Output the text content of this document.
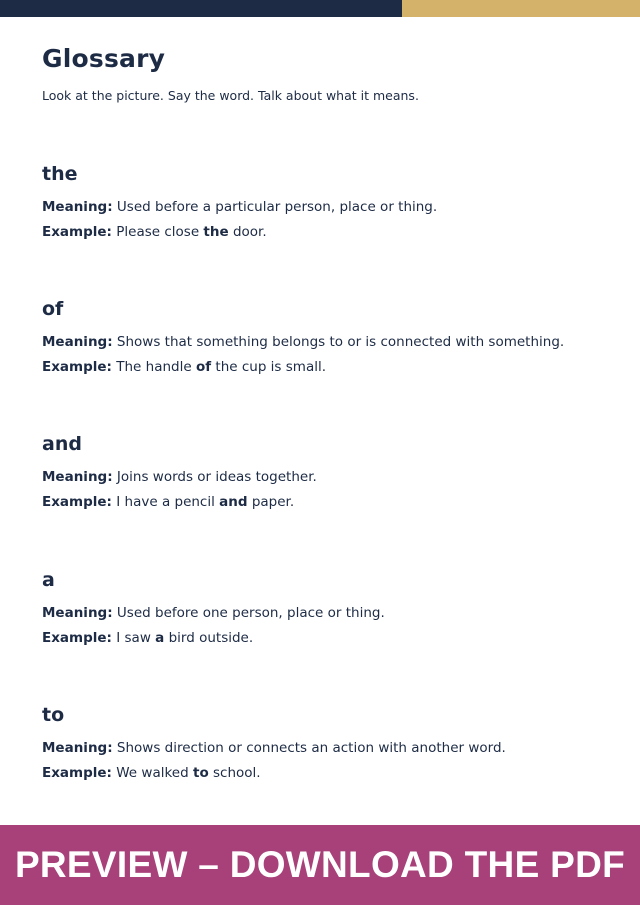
Glossary

Look at the picture. Say the word. Talk about what it means.

the

Meaning: Used before a particular person, place or thing.

Example: Please close the door.

of

Meaning: Shows that something belongs to or is connected with something.

Example: The handle of the cup is small.

and

Meaning: Joins words or ideas together.

Example: I have a pencil and paper.

a

Meaning: Used before one person, place or thing.

Example: I saw a bird outside.

to

Meaning: Shows direction or connects an action with another word.

Example: We walked to school.

PREVIEW – DOWNLOAD THE PDF
